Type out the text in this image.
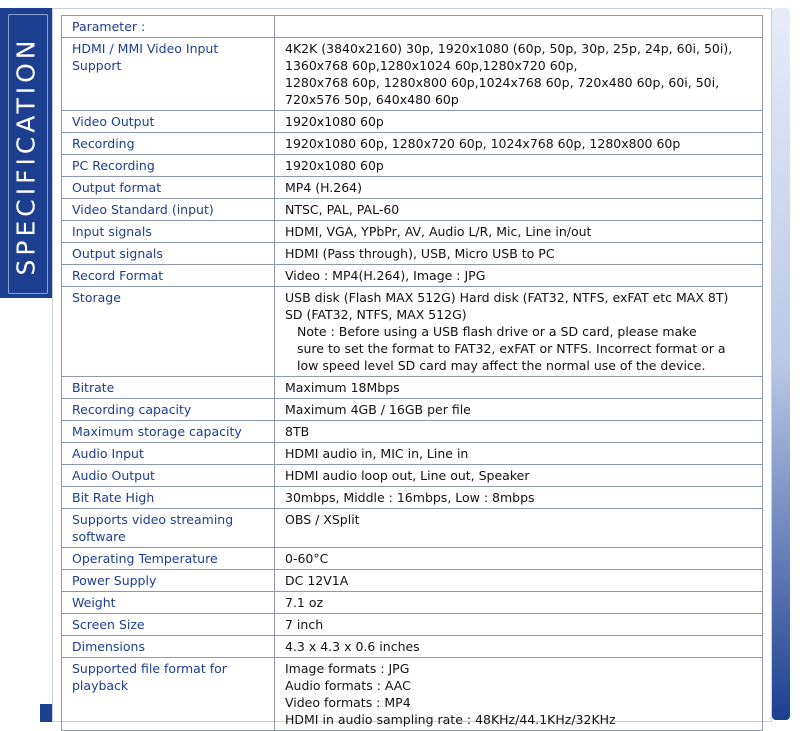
SPECIFICATION
Parameter :	
HDMI / MMI Video Input Support	4K2K (3840x2160) 30p, 1920x1080 (60p, 50p, 30p, 25p, 24p, 60i, 50i),
1360x768 60p,1280x1024 60p,1280x720 60p,
1280x768 60p, 1280x800 60p,1024x768 60p, 720x480 60p, 60i, 50i,
720x576 50p, 640x480 60p

Video Output	1920x1080 60p

Recording	1920x1080 60p, 1280x720 60p, 1024x768 60p, 1280x800 60p

PC Recording	1920x1080 60p

Output format	MP4 (H.264)

Video Standard (input)	NTSC, PAL, PAL-60

Input signals	HDMI, VGA, YPbPr, AV, Audio L/R, Mic, Line in/out

Output signals	HDMI (Pass through), USB, Micro USB to PC

Record Format	Video : MP4(H.264), Image : JPG

Storage	USB disk (Flash MAX 512G) Hard disk (FAT32, NTFS, exFAT etc MAX 8T)
SD (FAT32, NTFS, MAX 512G)
Note : Before using a USB flash drive or a SD card, please make
sure to set the format to FAT32, exFAT or NTFS. Incorrect format or a
low speed level SD card may affect the normal use of the device.

Bitrate	Maximum 18Mbps

Recording capacity	Maximum 4GB / 16GB per file

Maximum storage capacity	8TB

Audio Input	HDMI audio in, MIC in, Line in

Audio Output	HDMI audio loop out, Line out, Speaker

Bit Rate High	30mbps, Middle : 16mbps, Low : 8mbps

Supports video streaming software	OBS / XSplit

Operating Temperature	0-60°C

Power Supply	DC 12V1A

Weight	7.1 oz

Screen Size	7 inch

Dimensions	4.3 x 4.3 x 0.6 inches

Supported file format for playback	Image formats : JPG
Audio formats : AAC
Video formats : MP4
HDMI in audio sampling rate : 48KHz/44.1KHz/32KHz
